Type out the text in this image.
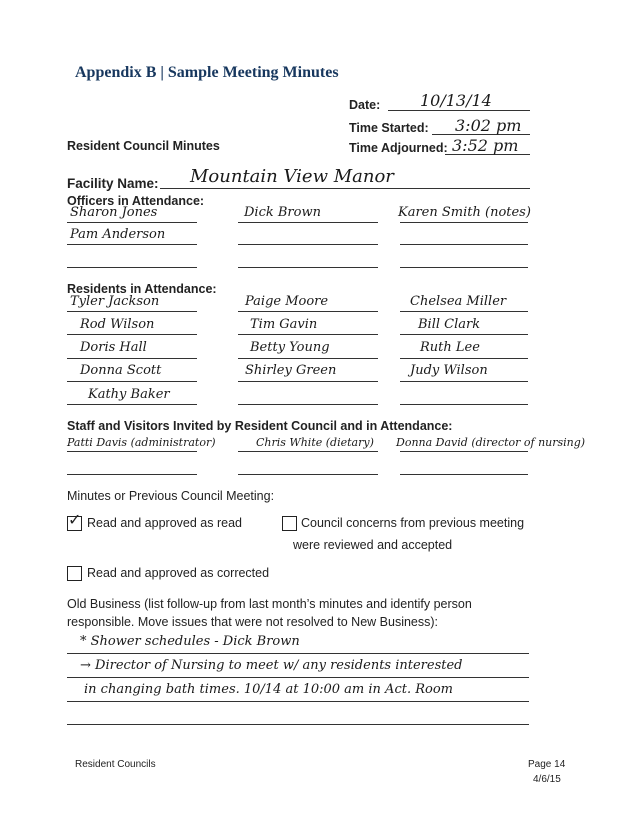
Appendix B | Sample Meeting Minutes
Date: 10/13/14
Time Started: 3:02 pm
Resident Council Minutes	Time Adjourned: 3:52 pm
Facility Name: Mountain View Manor
Officers in Attendance:
Sharon Jones	Dick Brown	Karen Smith (notes)
Pam Anderson
Residents in Attendance:
Tyler Jackson	Paige Moore	Chelsea Miller
Rod Wilson	Tim Gavin	Bill Clark
Doris Hall	Betty Young	Ruth Lee
Donna Scott	Shirley Green	Judy Wilson
Kathy Baker
Staff and Visitors Invited by Resident Council and in Attendance:
Patti Davis (administrator)	Chris White (dietary) Donna David (director of nursing)
Minutes or Previous Council Meeting:
✓ Read and approved as read	Council concerns from previous meeting
were reviewed and accepted
Read and approved as corrected
Old Business (list follow-up from last month’s minutes and identify person
responsible. Move issues that were not resolved to New Business):
* Shower schedules - Dick Brown
→ Director of Nursing to meet w/ any residents interested
in changing bath times. 10/14 at 10:00 am in Act. Room
Resident Councils	Page 14
4/6/15
